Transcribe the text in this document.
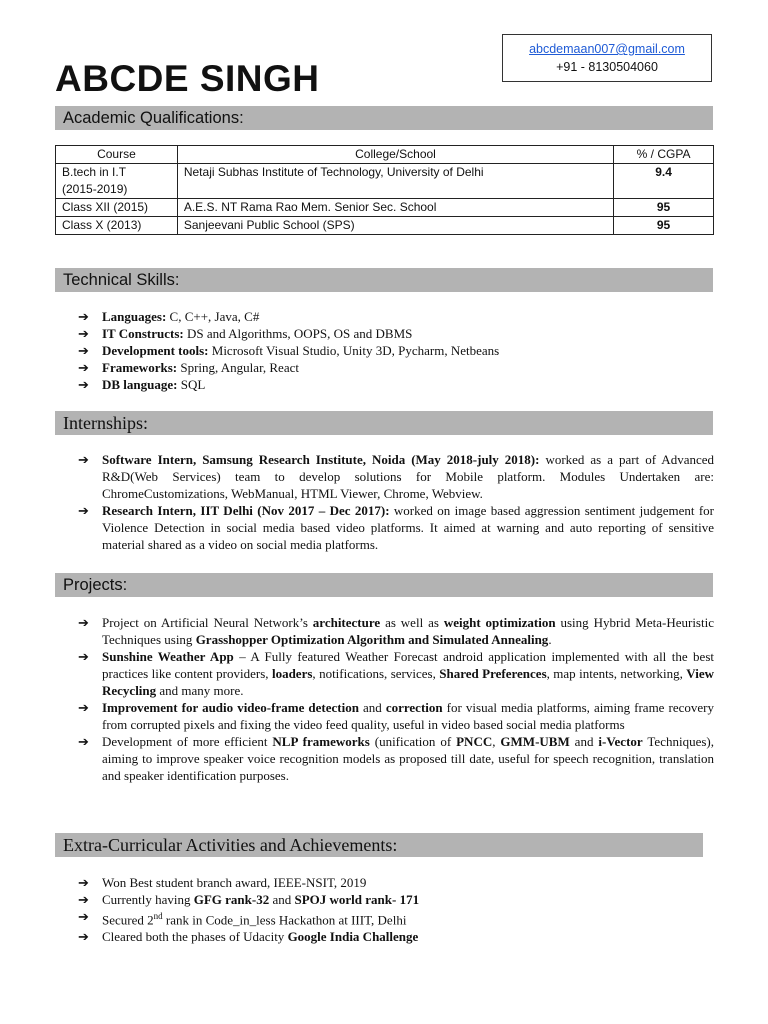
abcdemaan007@gmail.com
+91 - 8130504060
ABCDE SINGH
Academic Qualifications:
Course	College/School	% / CGPA

B.tech in I.T
(2015-2019)	Netaji Subhas Institute of Technology, University of Delhi	9.4
Class XII (2015)	A.E.S. NT Rama Rao Mem. Senior Sec. School	95
Class X (2013)	Sanjeevani Public School (SPS)	95
Technical Skills:
➔ Languages: C, C++, Java, C#
➔ IT Constructs: DS and Algorithms, OOPS, OS and DBMS
➔ Development tools: Microsoft Visual Studio, Unity 3D, Pycharm, Netbeans
➔ Frameworks: Spring, Angular, React
➔ DB language: SQL
Internships:
➔ Software Intern, Samsung Research Institute, Noida (May 2018-july 2018): worked as a part of Advanced R&D(Web Services) team to develop solutions for Mobile platform. Modules Undertaken are: ChromeCustomizations, WebManual, HTML Viewer, Chrome, Webview.
➔ Research Intern, IIT Delhi (Nov 2017 – Dec 2017): worked on image based aggression sentiment judgement for Violence Detection in social media based video platforms. It aimed at warning and auto reporting of sensitive material shared as a video on social media platforms.
Projects:
➔ Project on Artificial Neural Network’s architecture as well as weight optimization using Hybrid Meta-Heuristic Techniques using Grasshopper Optimization Algorithm and Simulated Annealing.
➔ Sunshine Weather App – A Fully featured Weather Forecast android application implemented with all the best practices like content providers, loaders, notifications, services, Shared Preferences, map intents, networking, View Recycling and many more.
➔ Improvement for audio video-frame detection and correction for visual media platforms, aiming frame recovery from corrupted pixels and fixing the video feed quality, useful in video based social media platforms
➔ Development of more efficient NLP frameworks (unification of PNCC, GMM-UBM and i-Vector Techniques), aiming to improve speaker voice recognition models as proposed till date, useful for speech recognition, translation and speaker identification purposes.
Extra-Curricular Activities and Achievements:
➔ Won Best student branch award, IEEE-NSIT, 2019
➔ Currently having GFG rank-32 and SPOJ world rank- 171
➔ Secured 2nd rank in Code_in_less Hackathon at IIIT, Delhi
➔ Cleared both the phases of Udacity Google India Challenge
